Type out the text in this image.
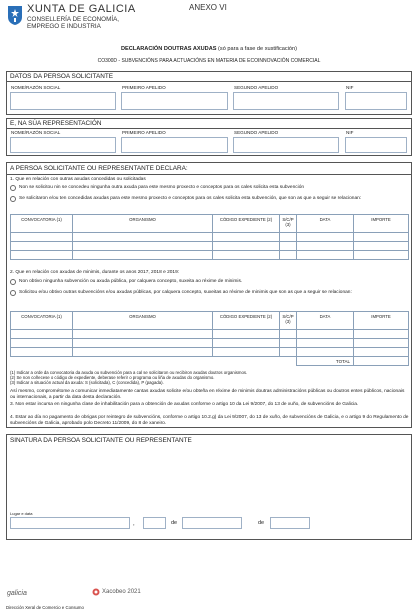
XUNTA DE GALICIA
CONSELLERÍA DE ECONOMÍA,
EMPREGO E INDUSTRIA
ANEXO VI
DECLARACIÓN DOUTRAS AXUDAS (só para a fase de xustificación)
CO300D - SUBVENCIÓNS PARA ACTUACIÓNS EN MATERIA DE ECOINNOVACIÓN COMERCIAL
DATOS DA PERSOA SOLICITANTE
NOME/RAZÓN SOCIAL	PRIMEIRO APELIDO	SEGUNDO APELIDO	NIF
E, NA SÚA REPRESENTACIÓN
NOME/RAZÓN SOCIAL	PRIMEIRO APELIDO	SEGUNDO APELIDO	NIF
A PERSOA SOLICITANTE OU REPRESENTANTE DECLARA:
1. Que en relación con outras axudas concedidas ou solicitadas
Non se solicitou nin se concedeu ningunha outra axuda para este mesmo proxecto e conceptos para os cales solicita esta subvención
Se solicitaron e/ou ten concedidas axudas para este mesmo proxecto e conceptos para os cales solicita esta subvención, que son as que a seguir se relacionan:
CONVOCATORIA (1)	ORGANISMO	CÓDIGO EXPEDIENTE (2)	S/C/P (3)	DATA	IMPORTE

2. Que en relación con axudas de minimis, durante os anos 2017, 2018 e 2019:
Non obtivo ningunha subvención ou axuda pública, por calquera concepto, suxeita ao réxime de minimis.
Solicitou e/ou obtivo outras subvencións e/ou axudas públicas, por calquera concepto, suxeitas ao réxime de minimis que son as que a seguir se relacionan:
CONVOCATORIA (1)	ORGANISMO	CÓDIGO EXPEDIENTE (2)	S/C/P (3)	DATA	IMPORTE

				TOTAL	
(1) Indicar a orde da convocatoria da axuda ou subvención para a cal se solicitaron ou recibiron axudas doutros organismos.
(2) Se non coñecese o código de expediente, deberase referir o programa ou liña de axudas do organismo.
(3) Indicar a situación actual da axuda: S (solicitada), C (concedida), P (pagada).
Así mesmo, comprométome a comunicar inmediatamente cantas axudas solicite e/ou obteña en réxime de minimis doutras administracións públicas ou doutros entes públicos, nacionais ou internacionais, a partir da data desta declaración.
3. Non estar incursa en ningunha clase de inhabilitación para a obtención de axudas conforme o artigo 10 da Lei 9/2007, do 13 de xuño, de subvencións de Galicia.
4. Estar ao día no pagamento de obrigas por reintegro de subvencións, conforme o artigo 10.2.g) da Lei 9/2007, do 13 de xuño, de subvencións de Galicia, e o artigo 9 do Regulamento de subvencións de Galicia, aprobado polo Decreto 11/2009, do 8 de xaneiro.
SINATURA DA PERSOA SOLICITANTE OU REPRESENTANTE
Lugar e data
,	de	de
galicia	Xacobeo 2021
Dirección Xeral de Comercio e Consumo
